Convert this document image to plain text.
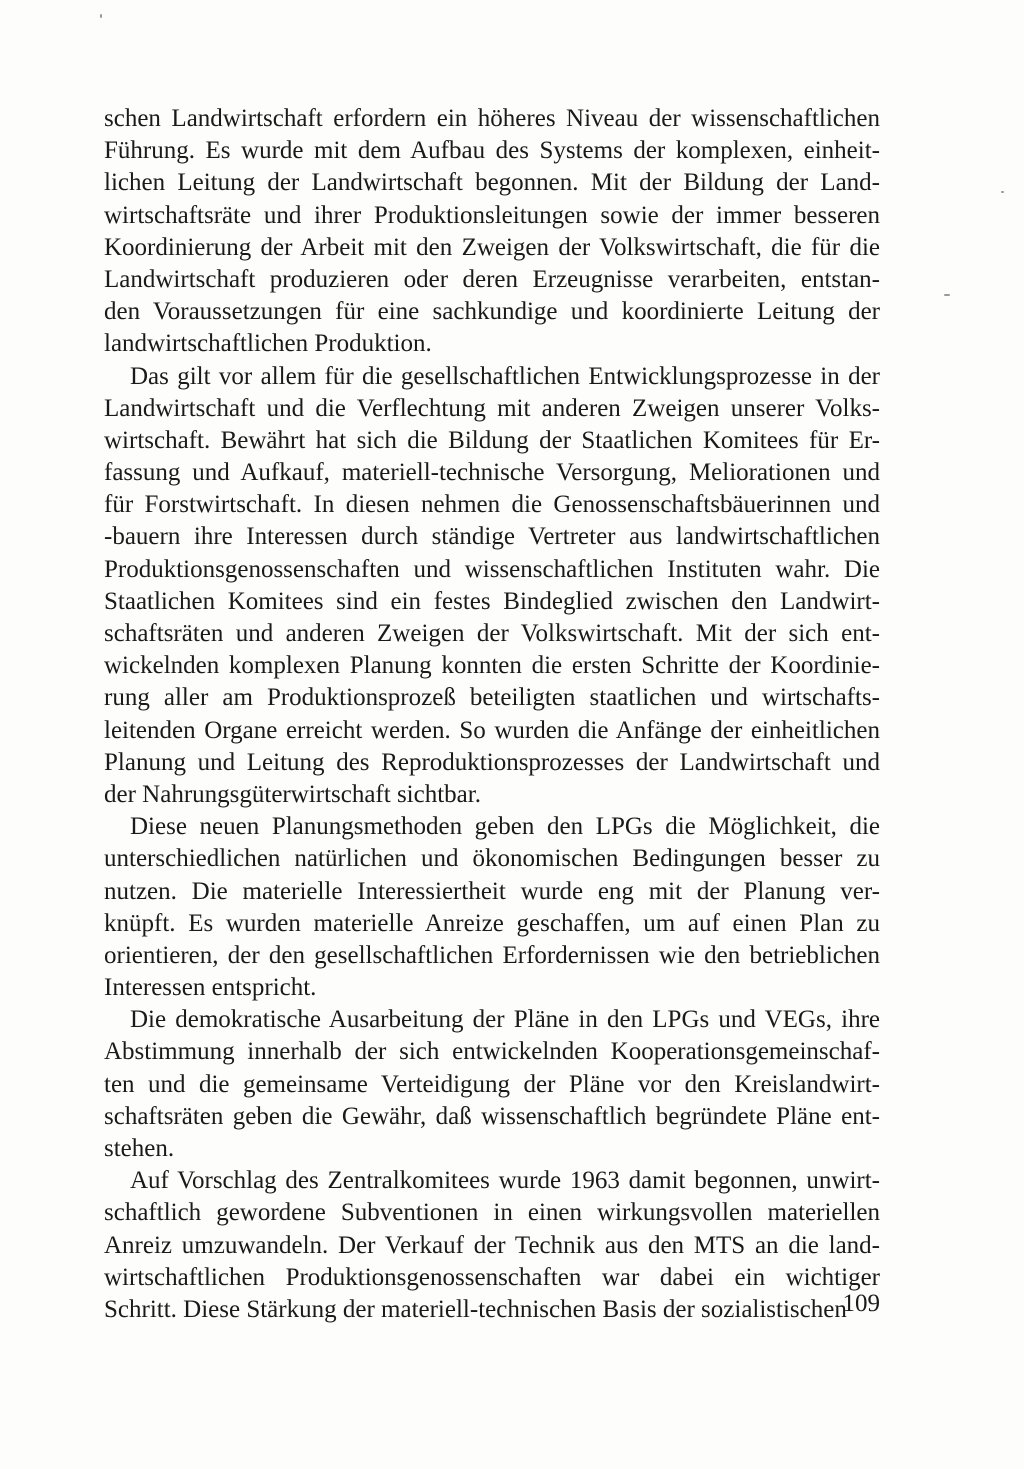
schen Landwirtschaft erfordern ein höheres Niveau der wissenschaftlichen
Führung. Es wurde mit dem Aufbau des Systems der komplexen, einheit-
lichen Leitung der Landwirtschaft begonnen. Mit der Bildung der Land-
wirtschaftsräte und ihrer Produktionsleitungen sowie der immer besseren
Koordinierung der Arbeit mit den Zweigen der Volkswirtschaft, die für die
Landwirtschaft produzieren oder deren Erzeugnisse verarbeiten, entstan-
den Voraussetzungen für eine sachkundige und koordinierte Leitung der
landwirtschaftlichen Produktion.
Das gilt vor allem für die gesellschaftlichen Entwicklungsprozesse in der
Landwirtschaft und die Verflechtung mit anderen Zweigen unserer Volks-
wirtschaft. Bewährt hat sich die Bildung der Staatlichen Komitees für Er-
fassung und Aufkauf, materiell-technische Versorgung, Meliorationen und
für Forstwirtschaft. In diesen nehmen die Genossenschaftsbäuerinnen und
-bauern ihre Interessen durch ständige Vertreter aus landwirtschaftlichen
Produktionsgenossenschaften und wissenschaftlichen Instituten wahr. Die
Staatlichen Komitees sind ein festes Bindeglied zwischen den Landwirt-
schaftsräten und anderen Zweigen der Volkswirtschaft. Mit der sich ent-
wickelnden komplexen Planung konnten die ersten Schritte der Koordinie-
rung aller am Produktionsprozeß beteiligten staatlichen und wirtschafts-
leitenden Organe erreicht werden. So wurden die Anfänge der einheitlichen
Planung und Leitung des Reproduktionsprozesses der Landwirtschaft und
der Nahrungsgüterwirtschaft sichtbar.
Diese neuen Planungsmethoden geben den LPGs die Möglichkeit, die
unterschiedlichen natürlichen und ökonomischen Bedingungen besser zu
nutzen. Die materielle Interessiertheit wurde eng mit der Planung ver-
knüpft. Es wurden materielle Anreize geschaffen, um auf einen Plan zu
orientieren, der den gesellschaftlichen Erfordernissen wie den betrieblichen
Interessen entspricht.
Die demokratische Ausarbeitung der Pläne in den LPGs und VEGs, ihre
Abstimmung innerhalb der sich entwickelnden Kooperationsgemeinschaf-
ten und die gemeinsame Verteidigung der Pläne vor den Kreislandwirt-
schaftsräten geben die Gewähr, daß wissenschaftlich begründete Pläne ent-
stehen.
Auf Vorschlag des Zentralkomitees wurde 1963 damit begonnen, unwirt-
schaftlich gewordene Subventionen in einen wirkungsvollen materiellen
Anreiz umzuwandeln. Der Verkauf der Technik aus den MTS an die land-
wirtschaftlichen Produktionsgenossenschaften war dabei ein wichtiger
Schritt. Diese Stärkung der materiell-technischen Basis der sozialistischen
109
